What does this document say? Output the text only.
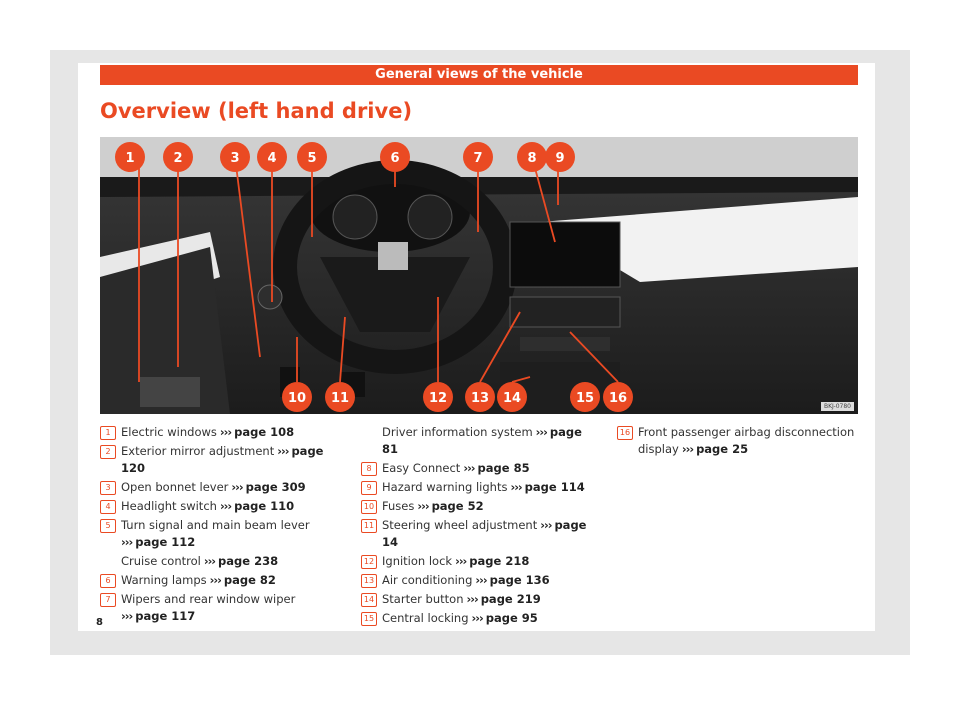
General views of the vehicle
Overview (left hand drive)
1	2	3 4 5	6	7	8 9
10 11	12 13 14	15 16
BKJ-0780
1 Electric windows ››› page 108
2 Exterior mirror adjustment ››› page 120
3 Open bonnet lever ››› page 309
4 Headlight switch ››› page 110
5 Turn signal and main beam lever
››› page 112
Cruise control ››› page 238
6 Warning lamps ››› page 82
7 Wipers and rear window wiper
››› page 117
Driver information system ››› page 81
8 Easy Connect ››› page 85
9 Hazard warning lights ››› page 114
10 Fuses ››› page 52
11 Steering wheel adjustment ››› page 14
12 Ignition lock ››› page 218
13 Air conditioning ››› page 136
14 Starter button ››› page 219
15 Central locking ››› page 95
16 Front passenger airbag disconnection display ››› page 25
8
